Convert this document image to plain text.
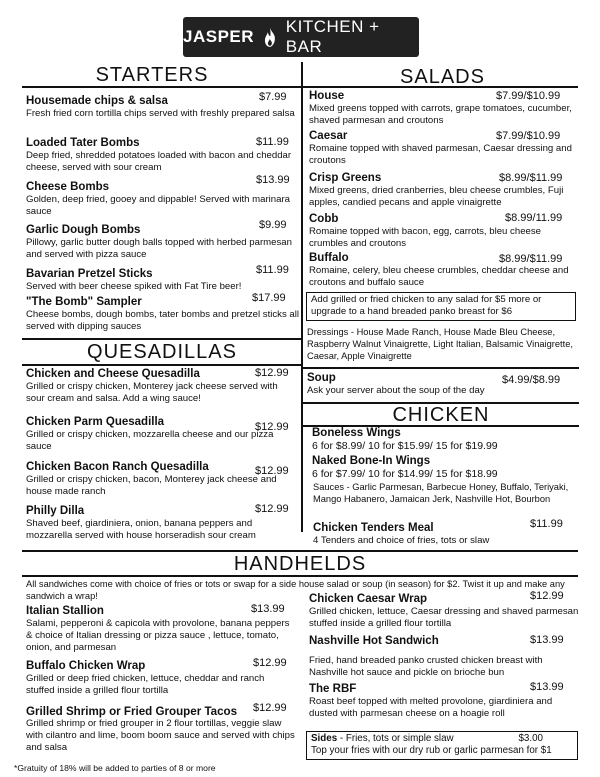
JASPER
KITCHEN + BAR
STARTERS	SALADS
Housemade chips & salsa
Fresh fried corn tortilla chips served with freshly prepared salsa
$7.99
Loaded Tater Bombs
Deep fried, shredded potatoes loaded with bacon and cheddar cheese, served with sour cream
$11.99
Cheese Bombs
Golden, deep fried, gooey and dippable! Served with marinara sauce
$13.99
Garlic Dough Bombs
Pillowy, garlic butter dough balls topped with herbed parmesan and served with pizza sauce
$9.99
Bavarian Pretzel Sticks
Served with beer cheese spiked with Fat Tire beer!
$11.99
"The Bomb" Sampler
Cheese bombs, dough bombs, tater bombs and pretzel sticks all served with dipping sauces
$17.99
QUESADILLAS
Chicken and Cheese Quesadilla
Grilled or crispy chicken, Monterey jack cheese served with sour cream and salsa. Add a wing sauce!
$12.99
Chicken Parm Quesadilla
Grilled or crispy chicken, mozzarella cheese and our pizza sauce
$12.99
Chicken Bacon Ranch Quesadilla
Grilled or crispy chicken, bacon, Monterey jack cheese and house made ranch
$12.99
Philly Dilla
Shaved beef, giardiniera, onion, banana peppers and mozzarella served with house horseradish sour cream
$12.99
House
Mixed greens topped with carrots, grape tomatoes, cucumber, shaved parmesan and croutons
$7.99/$10.99
Caesar
Romaine topped with shaved parmesan, Caesar dressing and croutons
$7.99/$10.99
Crisp Greens
Mixed greens, dried cranberries, bleu cheese crumbles, Fuji apples, candied pecans and apple vinaigrette
$8.99/$11.99
Cobb
Romaine topped with bacon, egg, carrots, bleu cheese crumbles and croutons
$8.99/11.99
Buffalo
Romaine, celery, bleu cheese crumbles, cheddar cheese and croutons and buffalo sauce
$8.99/$11.99
Add grilled or fried chicken to any salad for $5 more or upgrade to a hand breaded panko breast for $6
Dressings - House Made Ranch, House Made Bleu Cheese, Raspberry Walnut Vinaigrette, Light Italian, Balsamic Vinaigrette, Caesar, Apple Vinaigrette
Soup
Ask your server about the soup of the day
$4.99/$8.99
CHICKEN
Boneless Wings
6 for $8.99/ 10 for $15.99/ 15 for $19.99
Naked Bone-In Wings
6 for $7.99/ 10 for $14.99/ 15 for $18.99
Sauces - Garlic Parmesan, Barbecue Honey, Buffalo, Teriyaki, Mango Habanero, Jamaican Jerk, Nashville Hot, Bourbon
Chicken Tenders Meal
4 Tenders and choice of fries, tots or slaw
$11.99
HANDHELDS
All sandwiches come with choice of fries or tots or swap for a side house salad or soup (in season) for $2. Twist it up and make any sandwich a wrap!
Italian Stallion
Salami, pepperoni & capicola with provolone, banana peppers & choice of Italian dressing or pizza sauce , lettuce, tomato, onion, and parmesan
$13.99
Buffalo Chicken Wrap
Grilled or deep fried chicken, lettuce, cheddar and ranch stuffed inside a grilled flour tortilla
$12.99
Grilled Shrimp or Fried Grouper Tacos
Grilled shrimp or fried grouper in 2 flour tortillas, veggie slaw with cilantro and lime, boom boom sauce and served with chips and salsa
$12.99
Chicken Caesar Wrap
Grilled chicken, lettuce, Caesar dressing and shaved parmesan stuffed inside a grilled flour tortilla
$12.99
Nashville Hot Sandwich
Fried, hand breaded panko crusted chicken breast with Nashville hot sauce and pickle on brioche bun
$13.99
The RBF
Roast beef topped with melted provolone, giardiniera and dusted with parmesan cheese on a hoagie roll
$13.99
Sides - Fries, tots or simple slaw	$3.00
Top your fries with our dry rub or garlic parmesan for $1
*Gratuity of 18% will be added to parties of 8 or more
